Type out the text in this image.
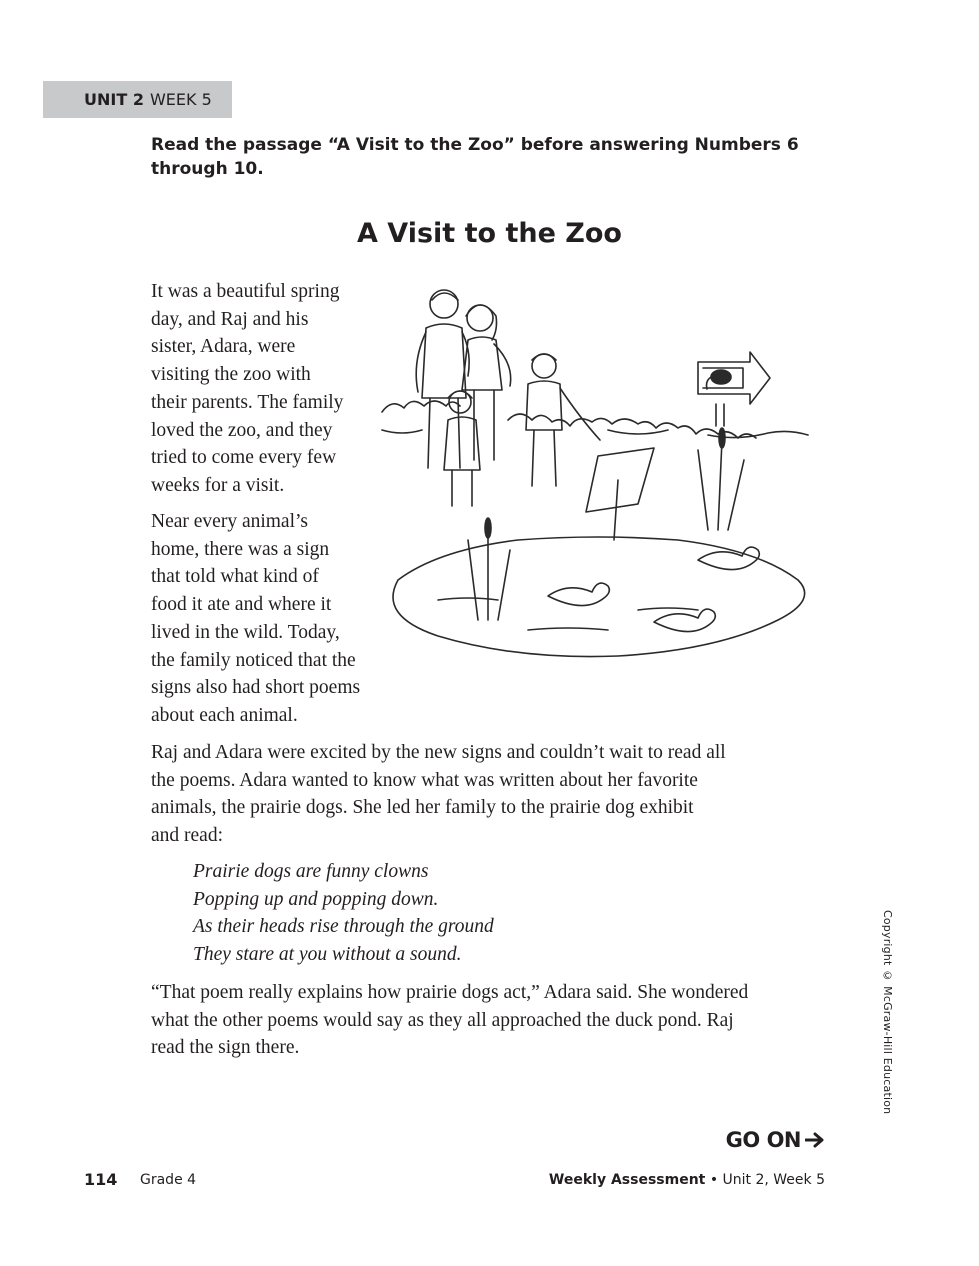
UNIT 2 WEEK 5
Read the passage “A Visit to the Zoo” before answering Numbers 6
through 10.
A Visit to the Zoo

It was a beautiful spring
day, and Raj and his
sister, Adara, were
visiting the zoo with
their parents. The family
loved the zoo, and they
tried to come every few
weeks for a visit.

Near every animal’s
home, there was a sign
that told what kind of
food it ate and where it
lived in the wild. Today,
the family noticed that the
signs also had short poems
about each animal.

Raj and Adara were excited by the new signs and couldn’t wait to read all
the poems. Adara wanted to know what was written about her favorite
animals, the prairie dogs. She led her family to the prairie dog exhibit
and read:

Prairie dogs are funny clowns
Popping up and popping down.
As their heads rise through the ground
They stare at you without a sound.

“That poem really explains how prairie dogs act,” Adara said. She wondered
what the other poems would say as they all approached the duck pond. Raj
read the sign there.	Copyright © McGraw-Hill Education
GO ON
114 Grade 4	Weekly Assessment • Unit 2, Week 5
